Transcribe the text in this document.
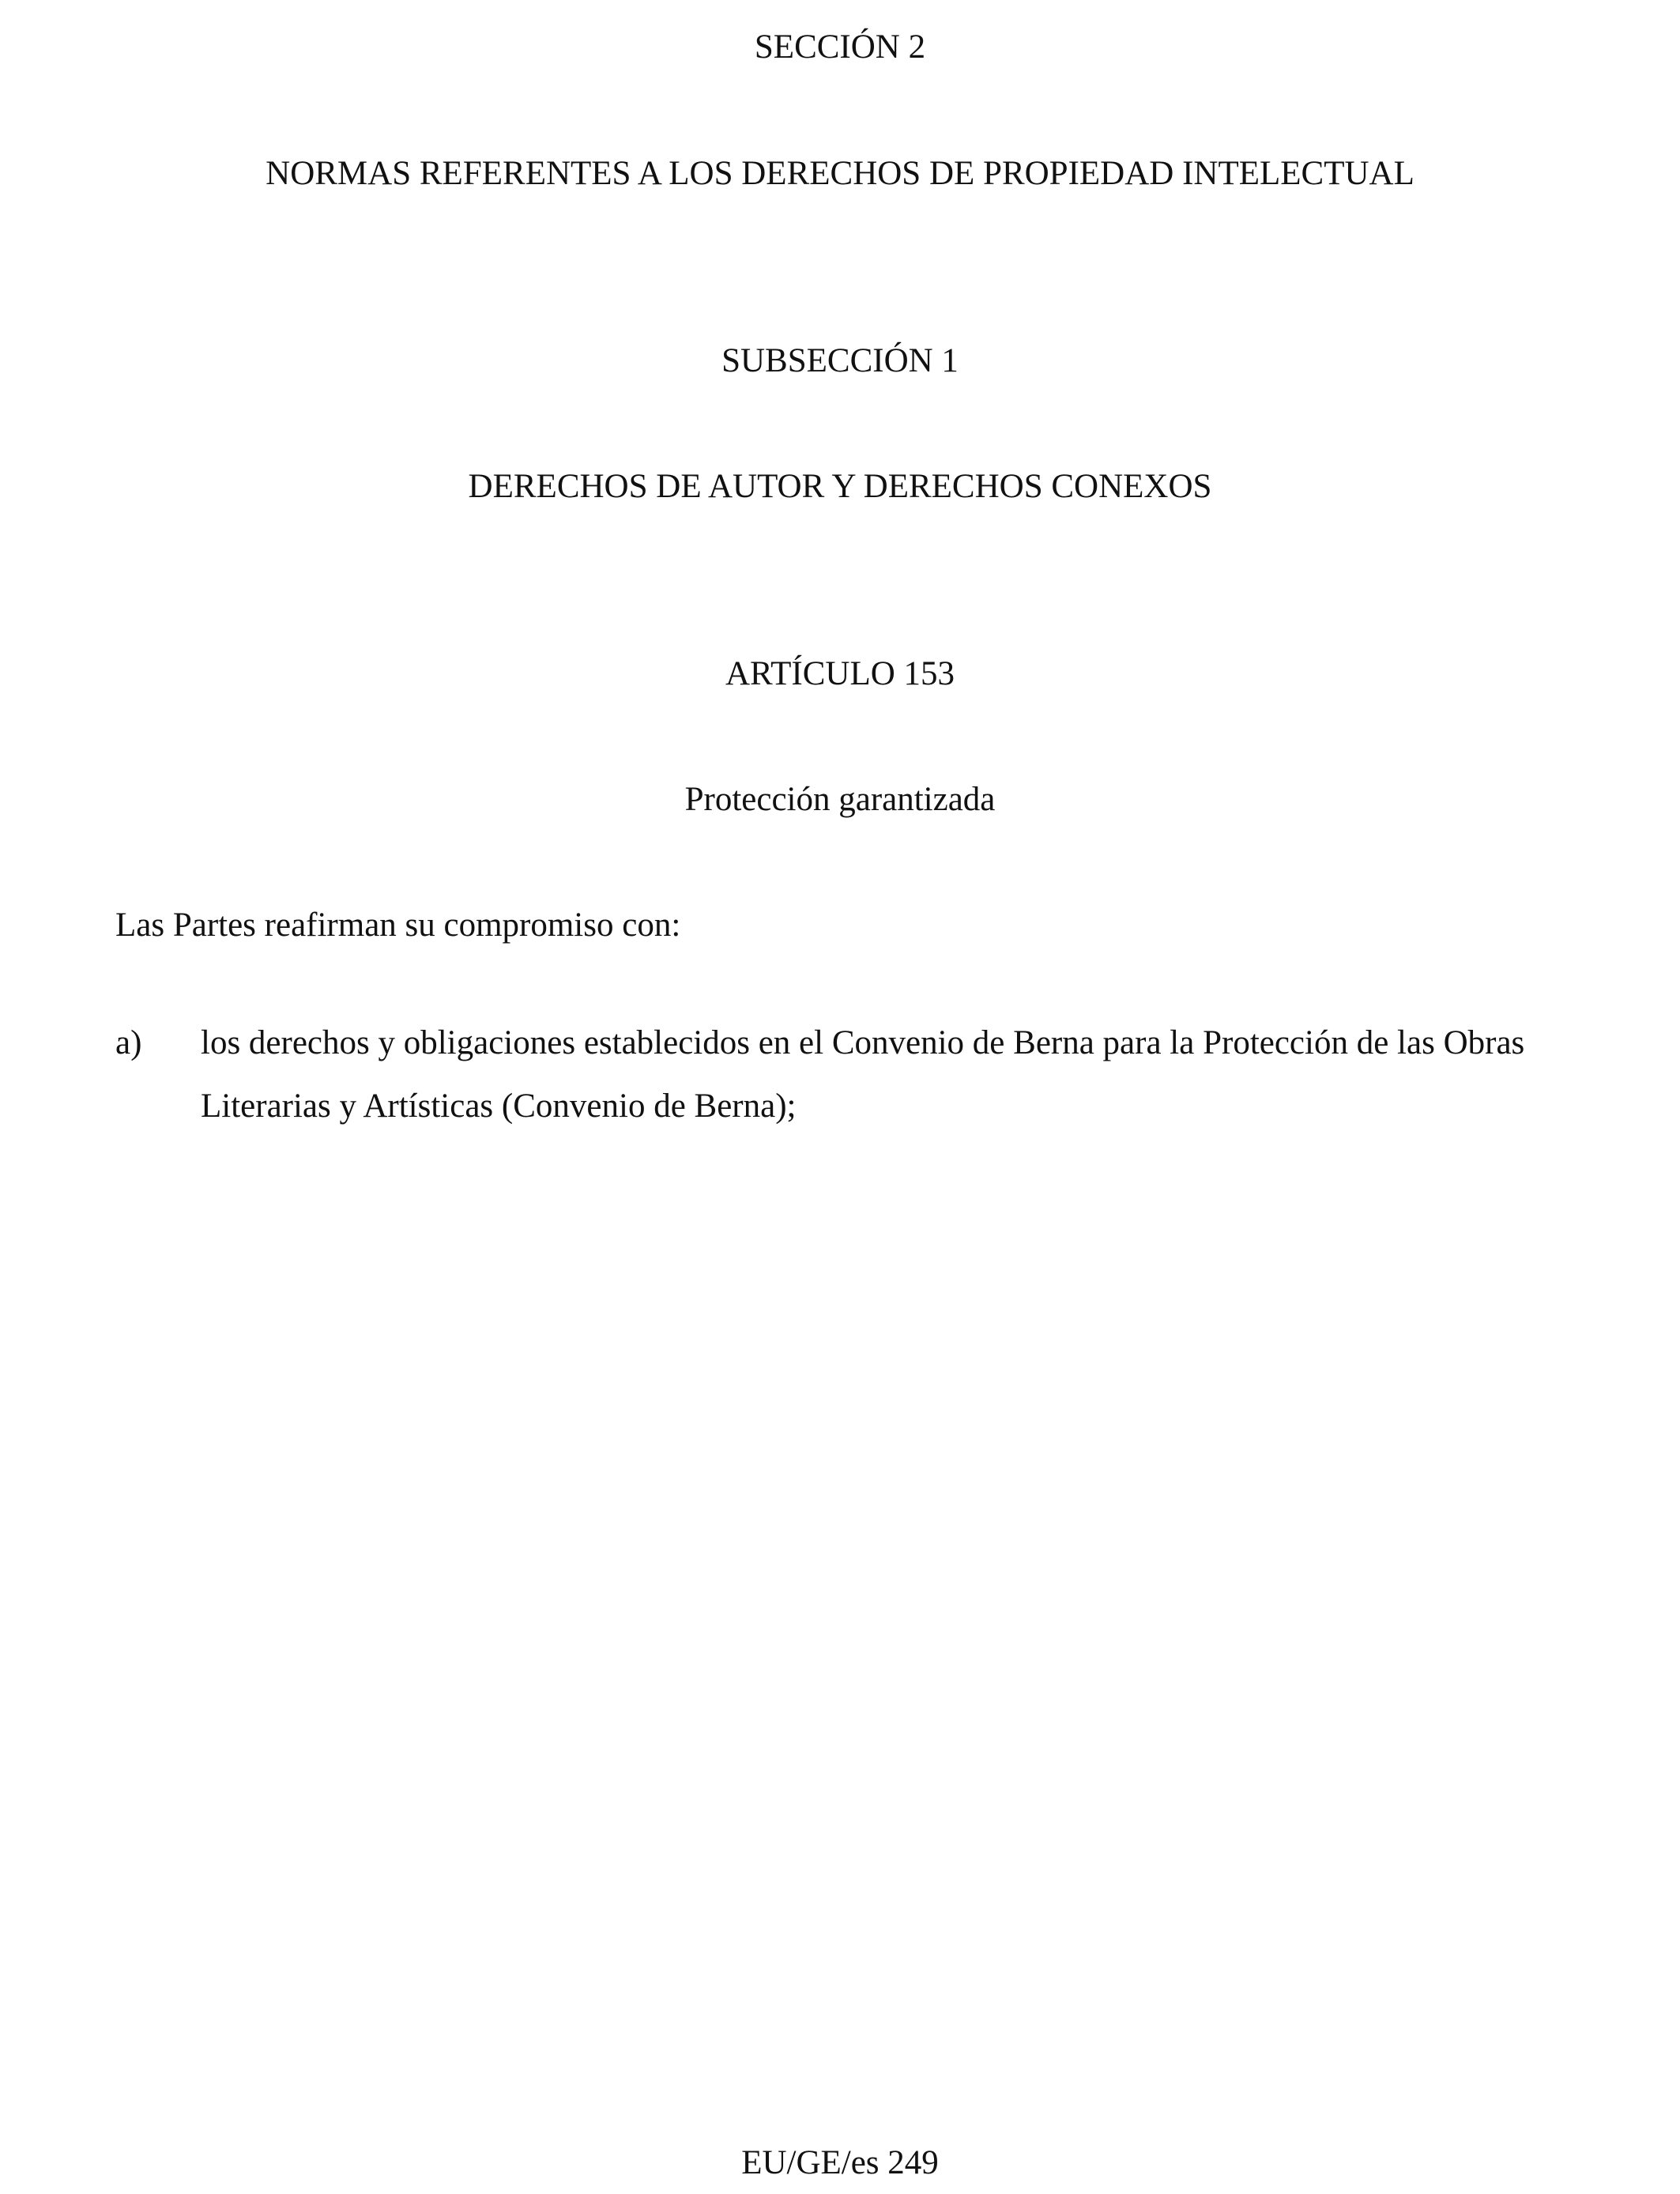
SECCIÓN 2
NORMAS REFERENTES A LOS DERECHOS DE PROPIEDAD INTELECTUAL
SUBSECCIÓN 1
DERECHOS DE AUTOR Y DERECHOS CONEXOS
ARTÍCULO 153
Protección garantizada
Las Partes reafirman su compromiso con:
a) los derechos y obligaciones establecidos en el Convenio de Berna para la Protección de las Obras Literarias y Artísticas (Convenio de Berna);
EU/GE/es 249
